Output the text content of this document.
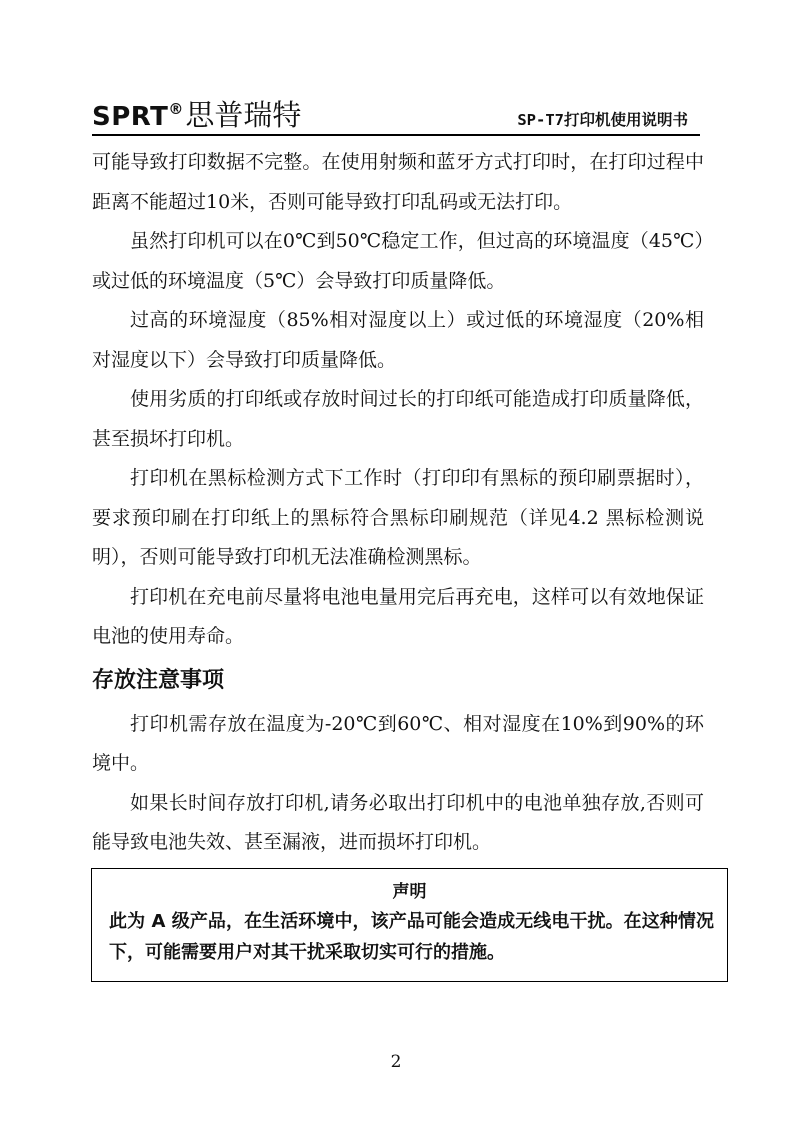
SPRT®思普瑞特	SP-T7打印机使用说明书

可能导致打印数据不完整。在使用射频和蓝牙方式打印时，在打印过程中距离不能超过10米，否则可能导致打印乱码或无法打印。

虽然打印机可以在0℃到50℃稳定工作，但过高的环境温度（45℃）或过低的环境温度（5℃）会导致打印质量降低。

过高的环境湿度（85%相对湿度以上）或过低的环境湿度（20%相对湿度以下）会导致打印质量降低。

使用劣质的打印纸或存放时间过长的打印纸可能造成打印质量降低，甚至损坏打印机。

打印机在黑标检测方式下工作时（打印印有黑标的预印刷票据时），要求预印刷在打印纸上的黑标符合黑标印刷规范（详见4.2 黑标检测说明），否则可能导致打印机无法准确检测黑标。

打印机在充电前尽量将电池电量用完后再充电，这样可以有效地保证电池的使用寿命。

存放注意事项

打印机需存放在温度为-20℃到60℃、相对湿度在10%到90%的环境中。

如果长时间存放打印机,请务必取出打印机中的电池单独存放,否则可能导致电池失效、甚至漏液，进而损坏打印机。

声明

此为 A 级产品，在生活环境中，该产品可能会造成无线电干扰。在这种情况下，可能需要用户对其干扰采取切实可行的措施。

2
